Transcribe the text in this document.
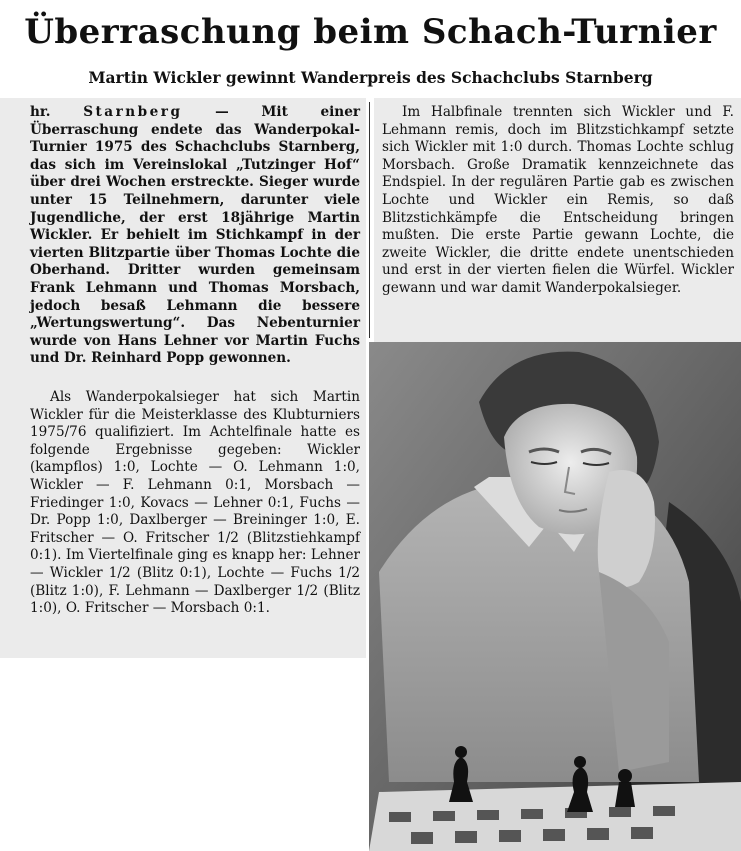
Überraschung beim Schach-Turnier

Martin Wickler gewinnt Wanderpreis des Schachclubs Starnberg

hr. Starnberg — Mit einer Überraschung endete das Wanderpokal-Turnier 1975 des Schachclubs Starnberg, das sich im Vereinslokal „Tutzinger Hof“ über drei Wochen erstreckte. Sieger wurde unter 15 Teilnehmern, darunter viele Jugendliche, der erst 18jährige Martin Wickler. Er behielt im Stichkampf in der vierten Blitzpartie über Thomas Lochte die Oberhand. Dritter wurden gemeinsam Frank Lehmann und Thomas Morsbach, jedoch besaß Lehmann die bessere „Wertungswertung“. Das Nebenturnier wurde von Hans Lehner vor Martin Fuchs und Dr. Reinhard Popp gewonnen.

Als Wanderpokalsieger hat sich Martin Wickler für die Meisterklasse des Klubturniers 1975/76 qualifiziert. Im Achtelfinale hatte es folgende Ergebnisse gegeben: Wickler (kampflos) 1:0, Lochte — O. Lehmann 1:0, Wickler — F. Lehmann 0:1, Morsbach — Friedinger 1:0, Kovacs — Lehner 0:1, Fuchs — Dr. Popp 1:0, Daxlberger — Breininger 1:0, E. Fritscher — O. Fritscher 1/2 (Blitzstiehkampf 0:1). Im Viertelfinale ging es knapp her: Lehner — Wickler 1/2 (Blitz 0:1), Lochte — Fuchs 1/2 (Blitz 1:0), F. Lehmann — Daxlberger 1/2 (Blitz 1:0), O. Fritscher — Morsbach 0:1.

Im Halbfinale trennten sich Wickler und F. Lehmann remis, doch im Blitzstichkampf setzte sich Wickler mit 1:0 durch. Thomas Lochte schlug Morsbach. Große Dramatik kennzeichnete das Endspiel. In der regulären Partie gab es zwischen Lochte und Wickler ein Remis, so daß Blitzstichkämpfe die Entscheidung bringen mußten. Die erste Partie gewann Lochte, die zweite Wickler, die dritte endete unentschieden und erst in der vierten fielen die Würfel. Wickler gewann und war damit Wanderpokalsieger.
